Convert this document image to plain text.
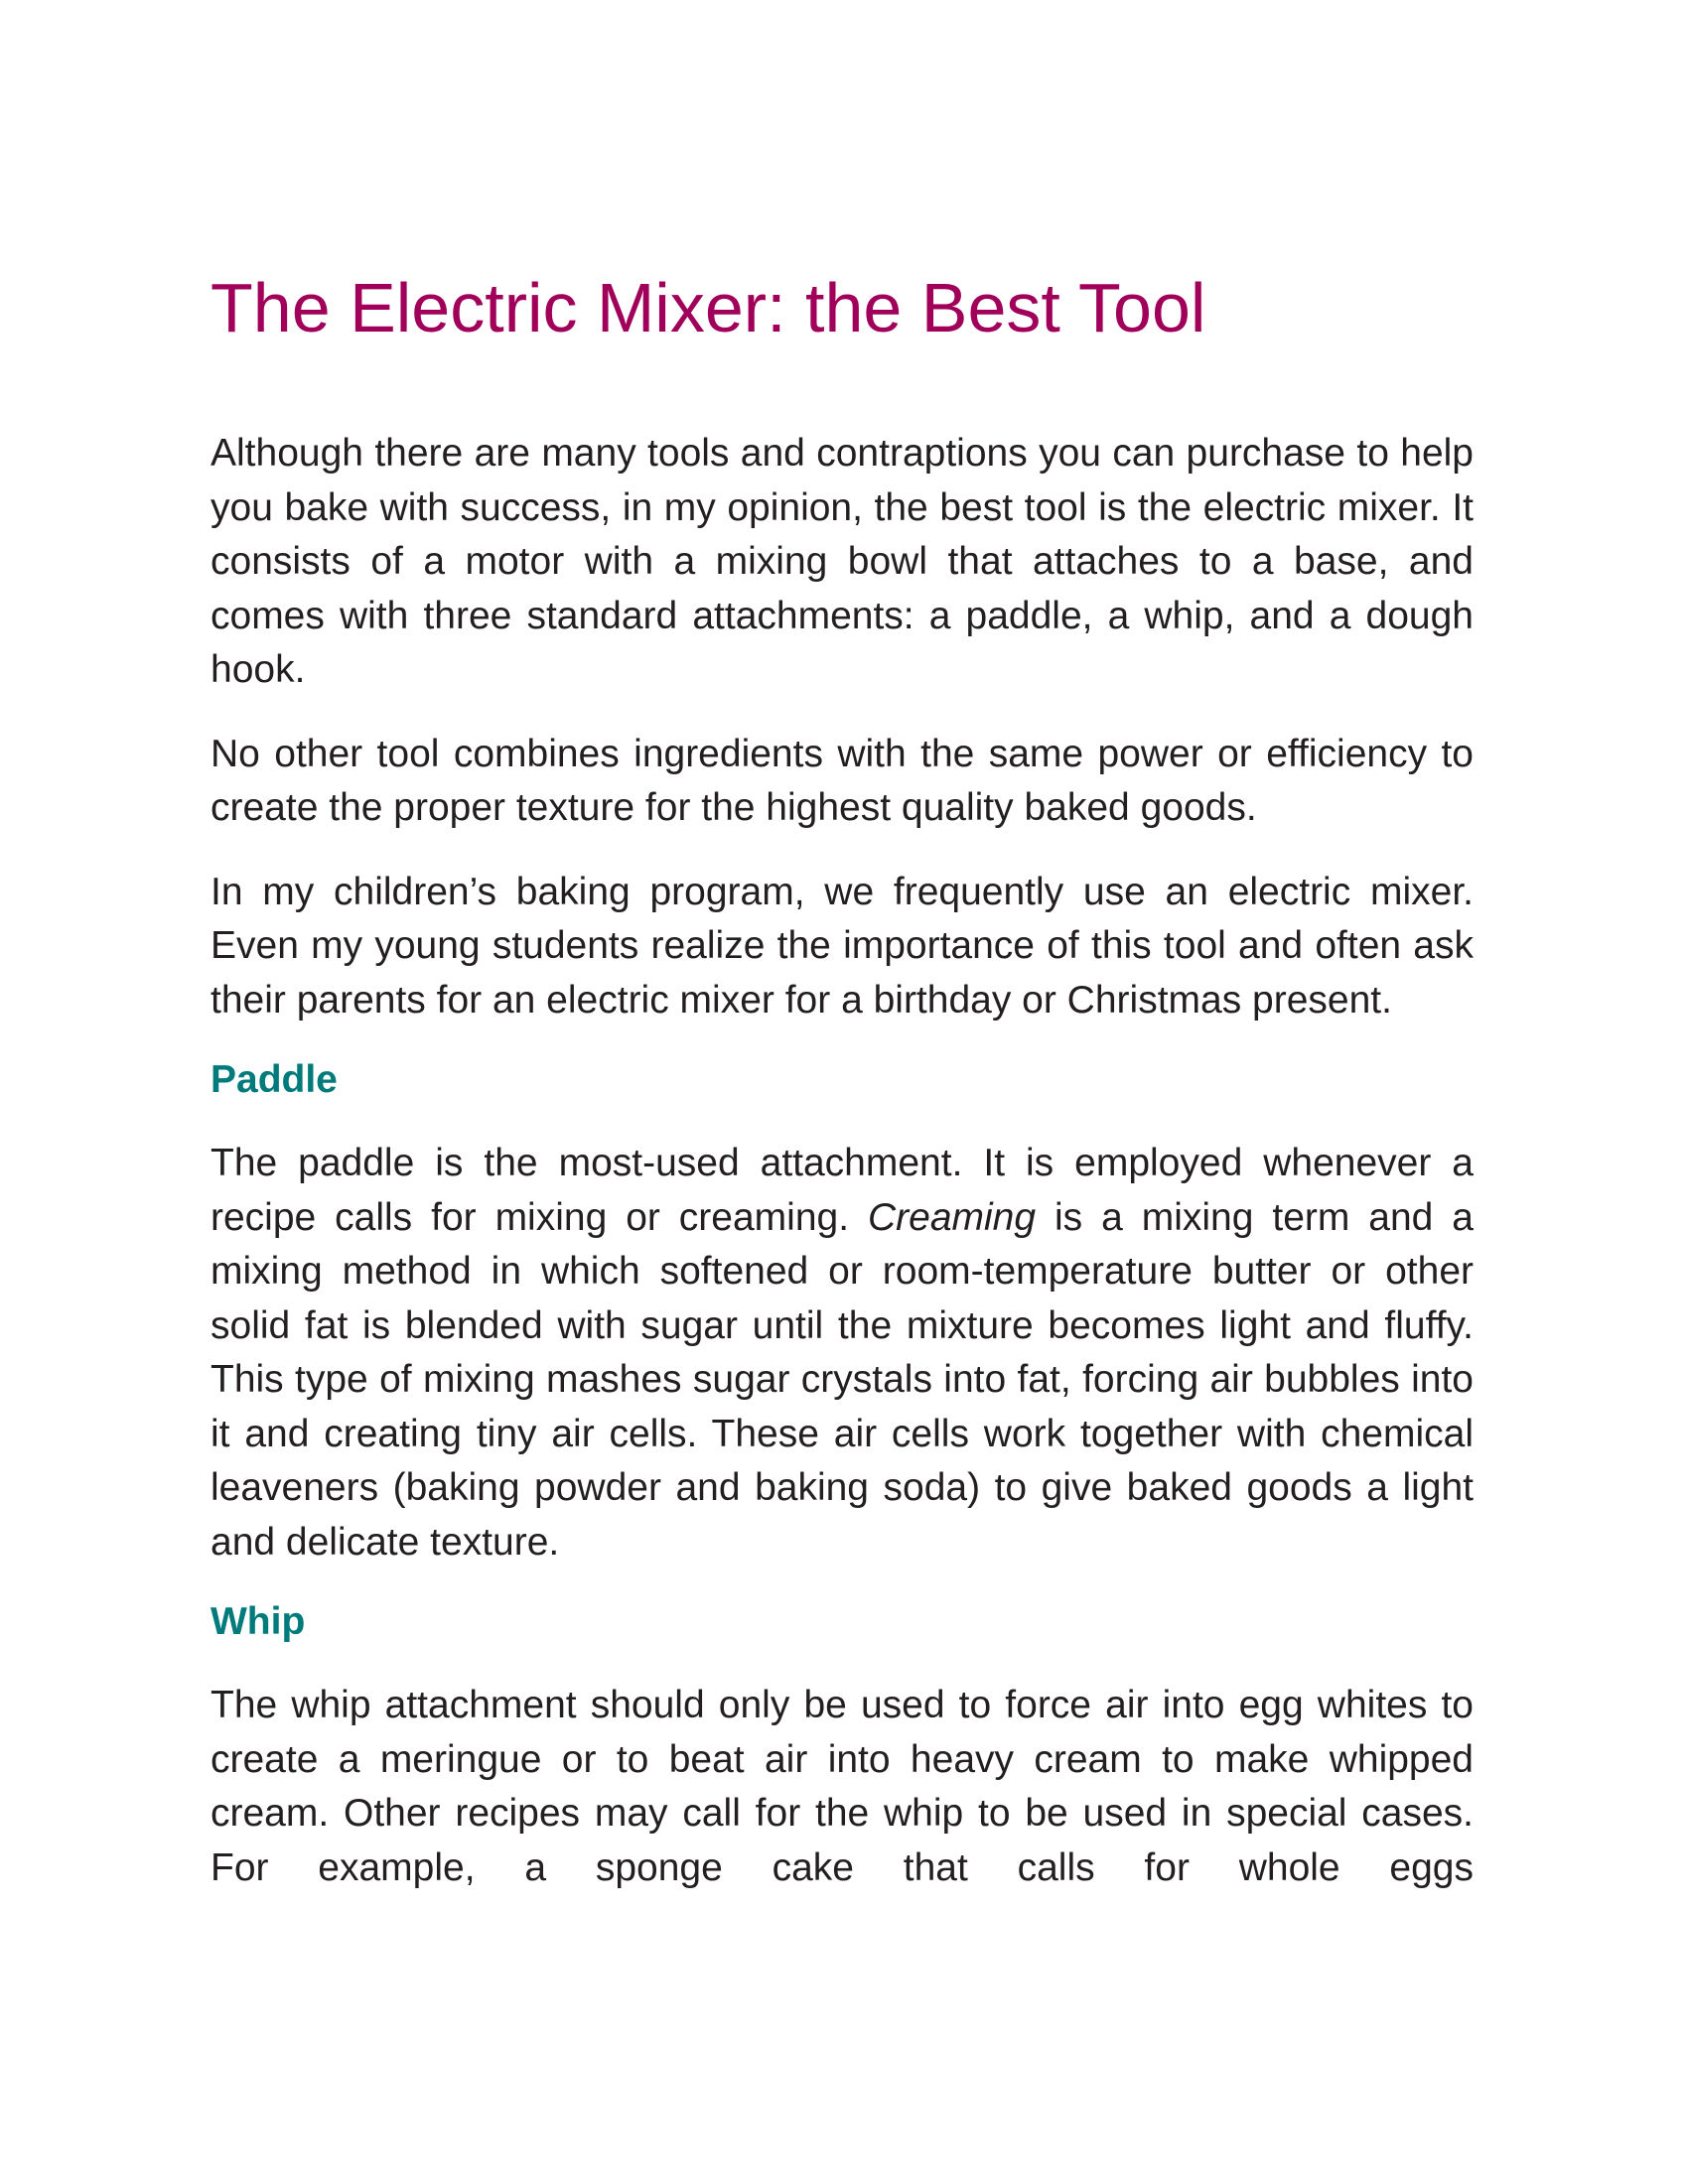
The Electric Mixer: the Best Tool

Although there are many tools and contraptions you can purchase to help you bake with success, in my opinion, the best tool is the electric mixer. It consists of a motor with a mixing bowl that attaches to a base, and comes with three standard attachments: a paddle, a whip, and a dough hook.

No other tool combines ingredients with the same power or efficiency to create the proper texture for the highest quality baked goods.

In my children’s baking program, we frequently use an electric mixer. Even my young students realize the importance of this tool and often ask their parents for an electric mixer for a birthday or Christmas present.

Paddle

The paddle is the most-used attachment. It is employed whenever a recipe calls for mixing or creaming. Creaming is a mixing term and a mixing method in which softened or room-temperature butter or other solid fat is blended with sugar until the mixture becomes light and fluffy. This type of mixing mashes sugar crystals into fat, forcing air bubbles into it and creating tiny air cells. These air cells work together with chemical leaveners (baking powder and baking soda) to give baked goods a light and delicate texture.

Whip

The whip attachment should only be used to force air into egg whites to create a meringue or to beat air into heavy cream to make whipped cream. Other recipes may call for the whip to be used in special cases. For example, a sponge cake that calls for whole eggs
